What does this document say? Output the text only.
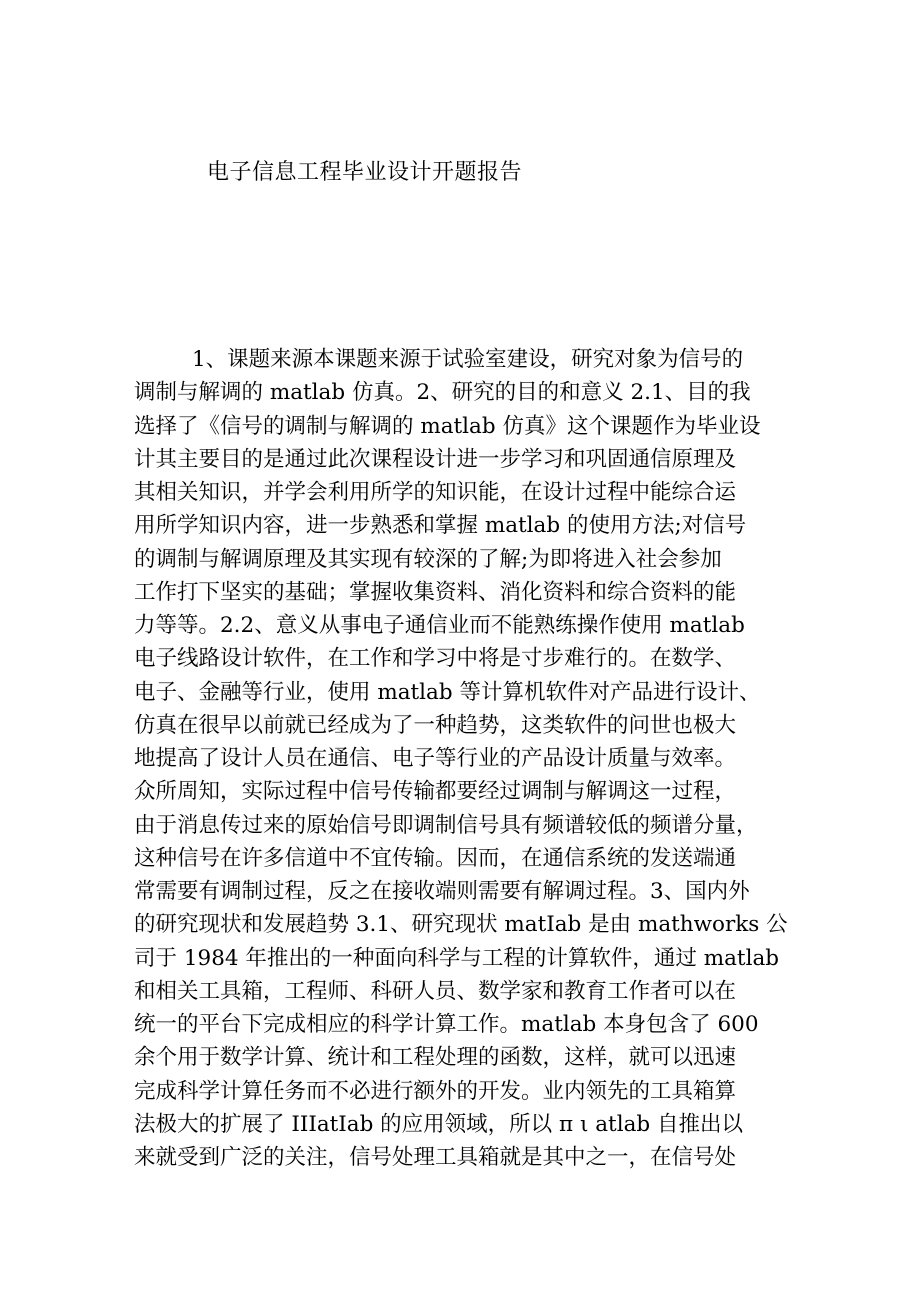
电子信息工程毕业设计开题报告
1、课题来源本课题来源于试验室建设，研究对象为信号的
调制与解调的 matlab 仿真。2、研究的目的和意义 2.1、目的我
选择了《信号的调制与解调的 matlab 仿真》这个课题作为毕业设
计其主要目的是通过此次课程设计进一步学习和巩固通信原理及
其相关知识，并学会利用所学的知识能，在设计过程中能综合运
用所学知识内容，进一步熟悉和掌握 matlab 的使用方法;对信号
的调制与解调原理及其实现有较深的了解;为即将进入社会参加
工作打下坚实的基础；掌握收集资料、消化资料和综合资料的能
力等等。2.2、意义从事电子通信业而不能熟练操作使用 matlab
电子线路设计软件，在工作和学习中将是寸步难行的。在数学、
电子、金融等行业，使用 matlab 等计算机软件对产品进行设计、
仿真在很早以前就已经成为了一种趋势，这类软件的问世也极大
地提高了设计人员在通信、电子等行业的产品设计质量与效率。
众所周知，实际过程中信号传输都要经过调制与解调这一过程，
由于消息传过来的原始信号即调制信号具有频谱较低的频谱分量，
这种信号在许多信道中不宜传输。因而，在通信系统的发送端通
常需要有调制过程，反之在接收端则需要有解调过程。3、国内外
的研究现状和发展趋势 3.1、研究现状 matIab 是由 mathworks 公
司于 1984 年推出的一种面向科学与工程的计算软件，通过 matlab
和相关工具箱，工程师、科研人员、数学家和教育工作者可以在
统一的平台下完成相应的科学计算工作。matlab 本身包含了 600
余个用于数学计算、统计和工程处理的函数，这样，就可以迅速
完成科学计算任务而不必进行额外的开发。业内领先的工具箱算
法极大的扩展了 IIIatIab 的应用领域，所以 π ι atlab 自推出以
来就受到广泛的关注，信号处理工具箱就是其中之一，在信号处
